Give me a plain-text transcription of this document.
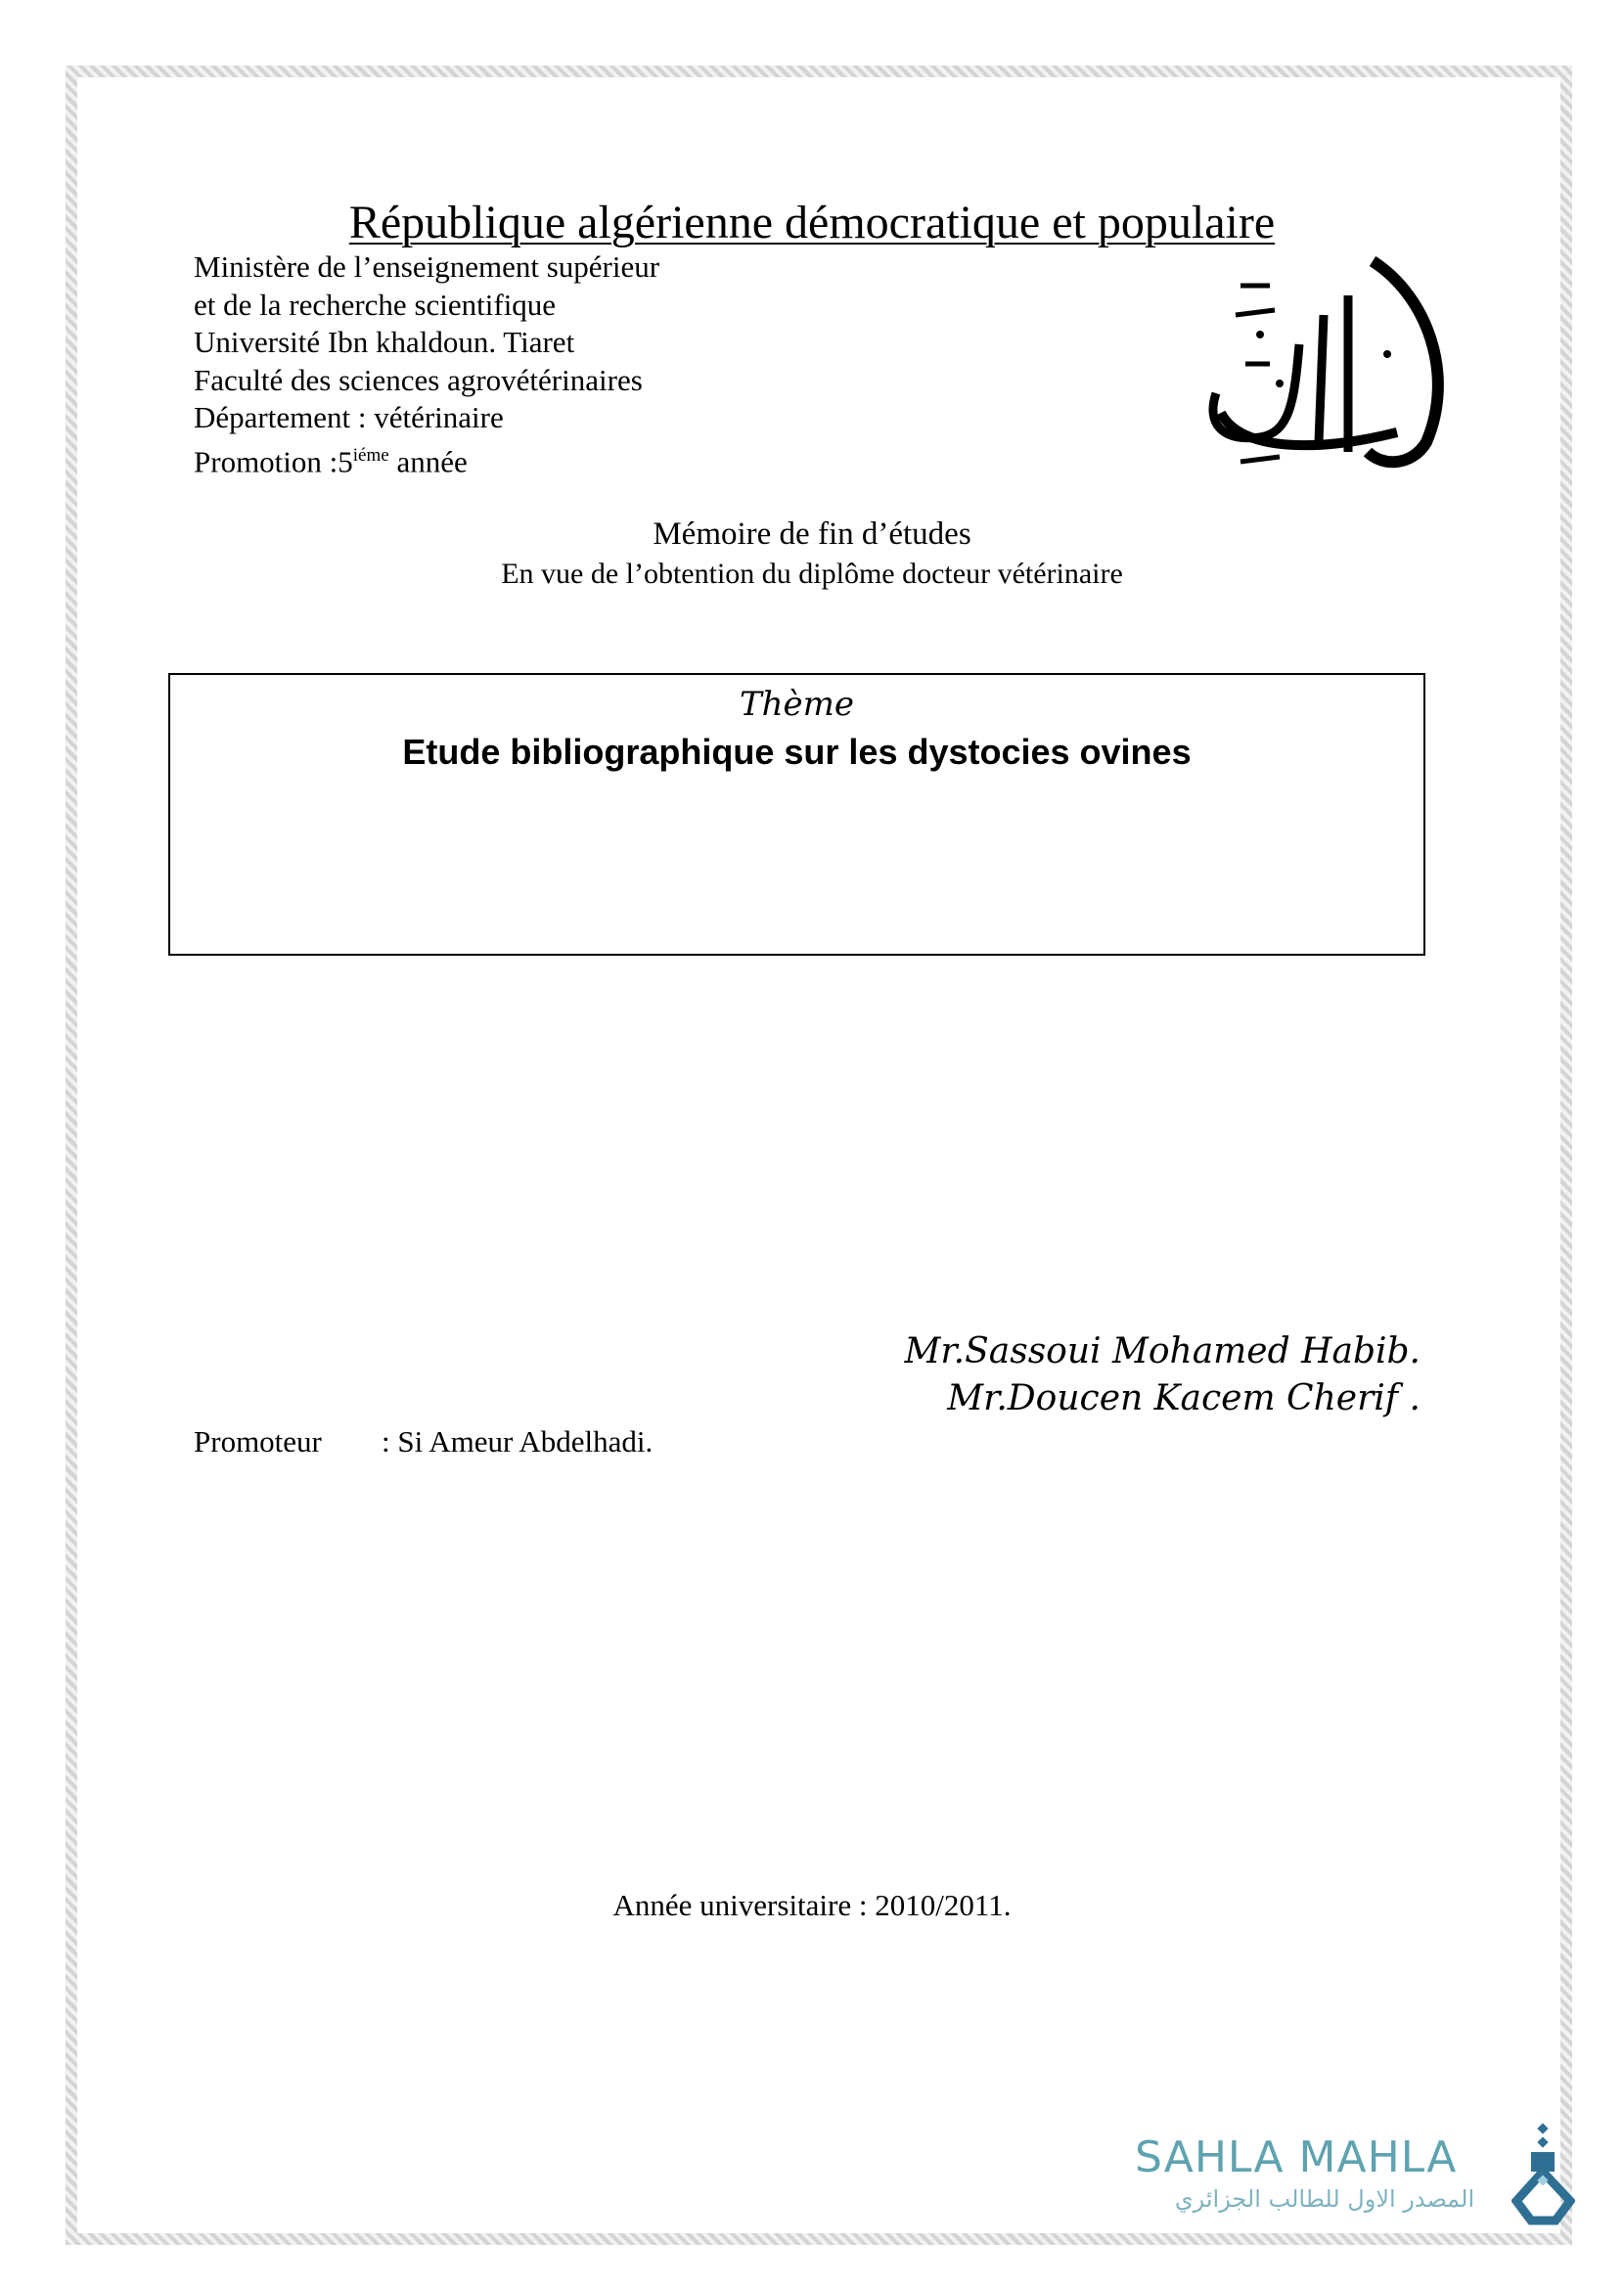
République algérienne démocratique et populaire
Ministère de l’enseignement supérieur
et de la recherche scientifique
Université Ibn khaldoun. Tiaret
Faculté des sciences agrovétérinaires
Département : vétérinaire
Promotion $:5^{iéme}$ année
Mémoire de fin d’études
En vue de l’obtention du diplôme docteur vétérinaire
Thème
Etude bibliographique sur les dystocies ovines
Mr.Sassoui Mohamed Habib.
Mr.Doucen Kacem Cherif .
Promoteur : Si Ameur Abdelhadi.
Année universitaire : 2010/2011.
SAHLA MAHLA
المصدر الاول للطالب الجزائري
